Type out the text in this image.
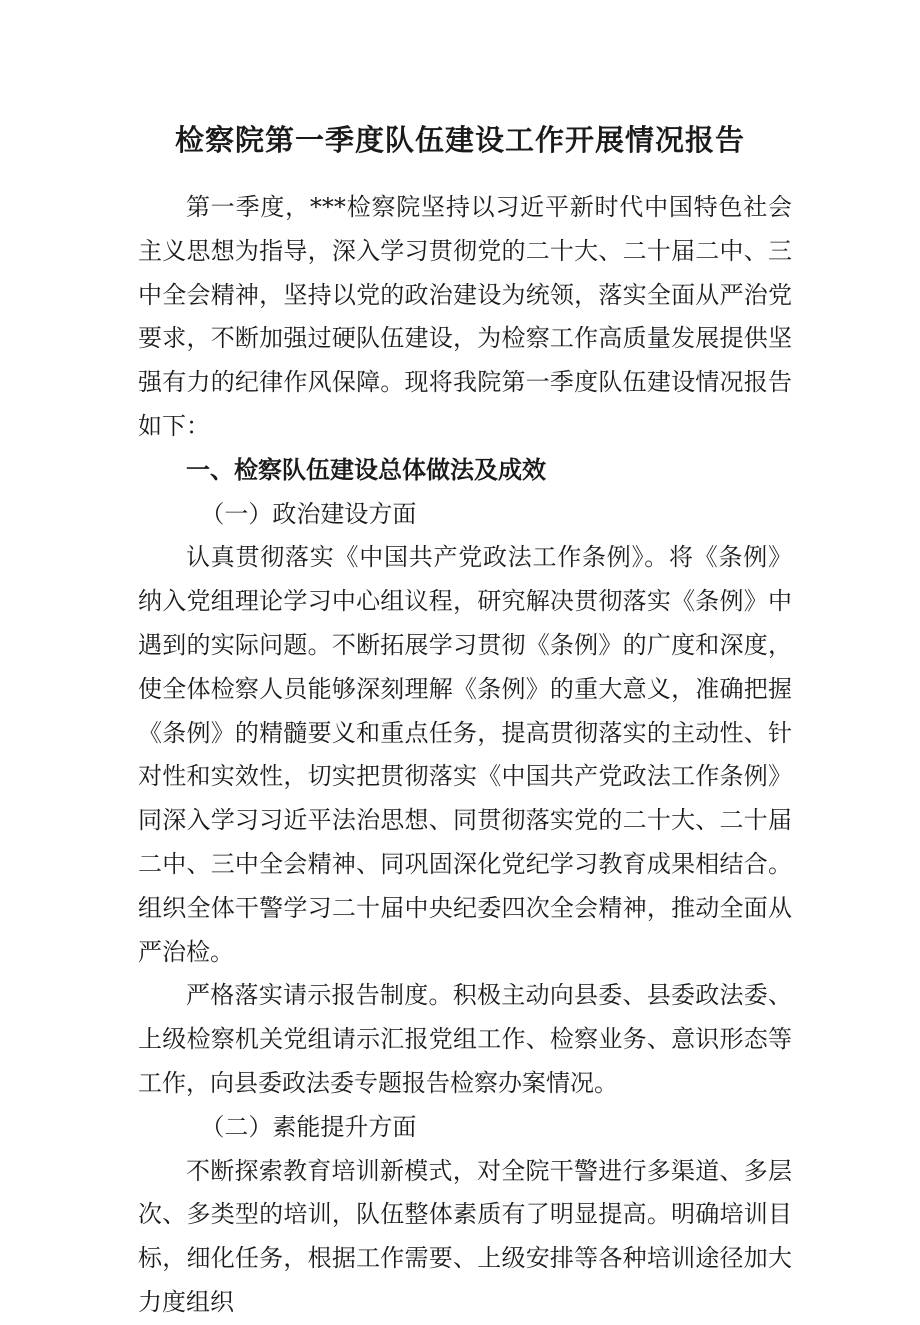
检察院第一季度队伍建设工作开展情况报告

第一季度，***检察院坚持以习近平新时代中国特色社会主义思想为指导，深入学习贯彻党的二十大、二十届二中、三中全会精神，坚持以党的政治建设为统领，落实全面从严治党要求，不断加强过硬队伍建设，为检察工作高质量发展提供坚强有力的纪律作风保障。现将我院第一季度队伍建设情况报告如下：

一、检察队伍建设总体做法及成效

（一）政治建设方面

认真贯彻落实《中国共产党政法工作条例》。将《条例》纳入党组理论学习中心组议程，研究解决贯彻落实《条例》中遇到的实际问题。不断拓展学习贯彻《条例》的广度和深度，使全体检察人员能够深刻理解《条例》的重大意义，准确把握《条例》的精髓要义和重点任务，提高贯彻落实的主动性、针对性和实效性，切实把贯彻落实《中国共产党政法工作条例》同深入学习习近平法治思想、同贯彻落实党的二十大、二十届二中、三中全会精神、同巩固深化党纪学习教育成果相结合。组织全体干警学习二十届中央纪委四次全会精神，推动全面从严治检。

严格落实请示报告制度。积极主动向县委、县委政法委、上级检察机关党组请示汇报党组工作、检察业务、意识形态等工作，向县委政法委专题报告检察办案情况。

（二）素能提升方面

不断探索教育培训新模式，对全院干警进行多渠道、多层次、多类型的培训，队伍整体素质有了明显提高。明确培训目标，细化任务，根据工作需要、上级安排等各种培训途径加大力度组织
